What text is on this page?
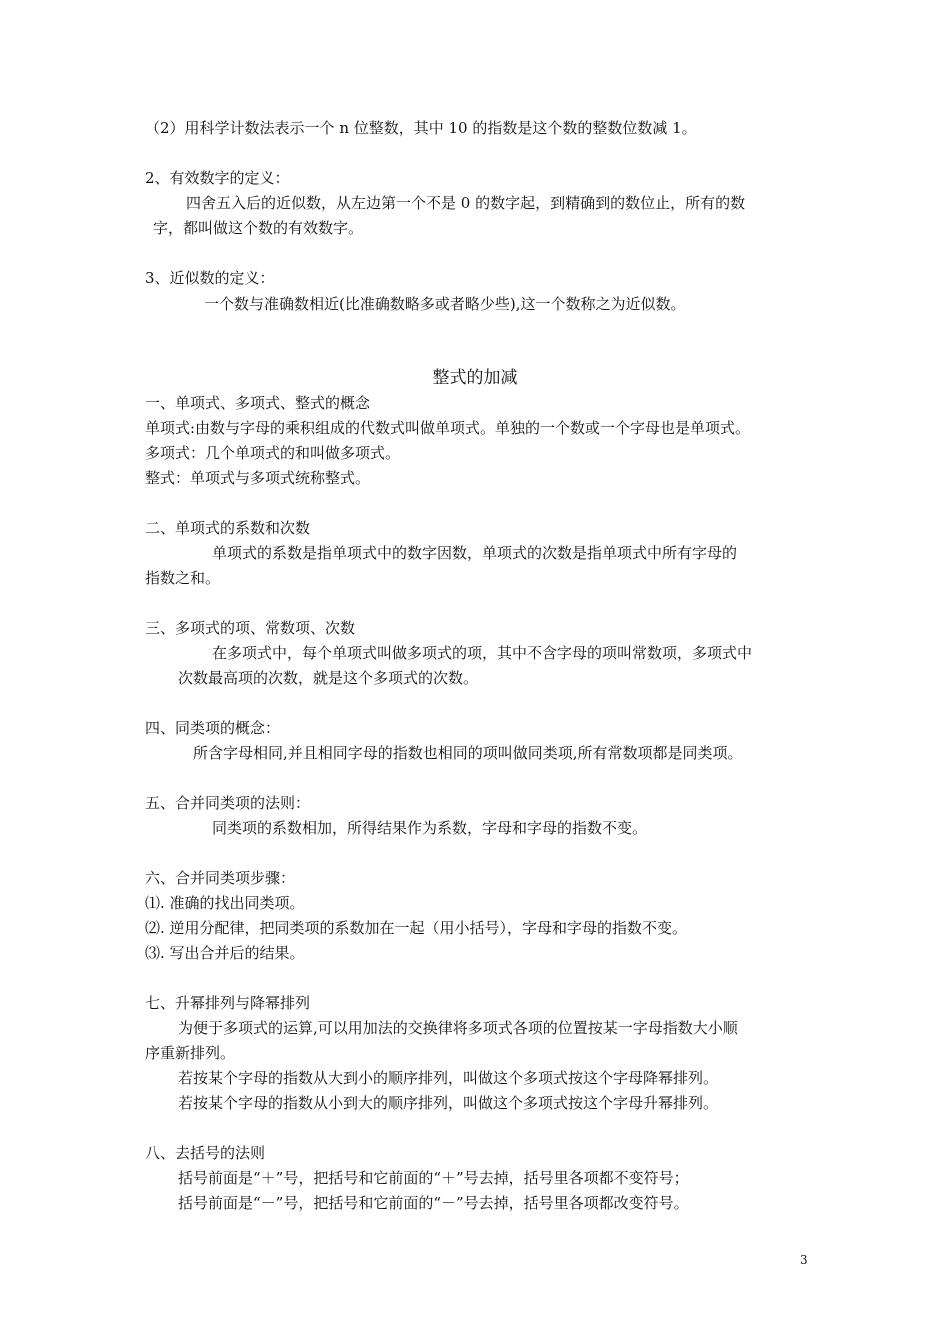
（2）用科学计数法表示一个 n 位整数，其中 10 的指数是这个数的整数位数减 1。
2、有效数字的定义：
四舍五入后的近似数，从左边第一个不是 0 的数字起，到精确到的数位止，所有的数
字，都叫做这个数的有效数字。
3、近似数的定义：
一个数与准确数相近(比准确数略多或者略少些),这一个数称之为近似数。
整式的加减
一、单项式、多项式、整式的概念
单项式:由数与字母的乘积组成的代数式叫做单项式。单独的一个数或一个字母也是单项式。
多项式：几个单项式的和叫做多项式。
整式：单项式与多项式统称整式。
二、单项式的系数和次数
单项式的系数是指单项式中的数字因数，单项式的次数是指单项式中所有字母的
指数之和。
三、多项式的项、常数项、次数
在多项式中，每个单项式叫做多项式的项，其中不含字母的项叫常数项，多项式中
次数最高项的次数，就是这个多项式的次数。
四、同类项的概念：
所含字母相同,并且相同字母的指数也相同的项叫做同类项,所有常数项都是同类项。
五、合并同类项的法则：
同类项的系数相加，所得结果作为系数，字母和字母的指数不变。
六、合并同类项步骤：
⑴. 准确的找出同类项。
⑵. 逆用分配律，把同类项的系数加在一起（用小括号），字母和字母的指数不变。
⑶. 写出合并后的结果。
七、升幂排列与降幂排列
为便于多项式的运算,可以用加法的交换律将多项式各项的位置按某一字母指数大小顺
序重新排列。
若按某个字母的指数从大到小的顺序排列，叫做这个多项式按这个字母降幂排列。
若按某个字母的指数从小到大的顺序排列，叫做这个多项式按这个字母升幂排列。
八、去括号的法则
括号前面是“＋”号，把括号和它前面的“＋”号去掉，括号里各项都不变符号；
括号前面是“－”号，把括号和它前面的“－”号去掉，括号里各项都改变符号。
3
